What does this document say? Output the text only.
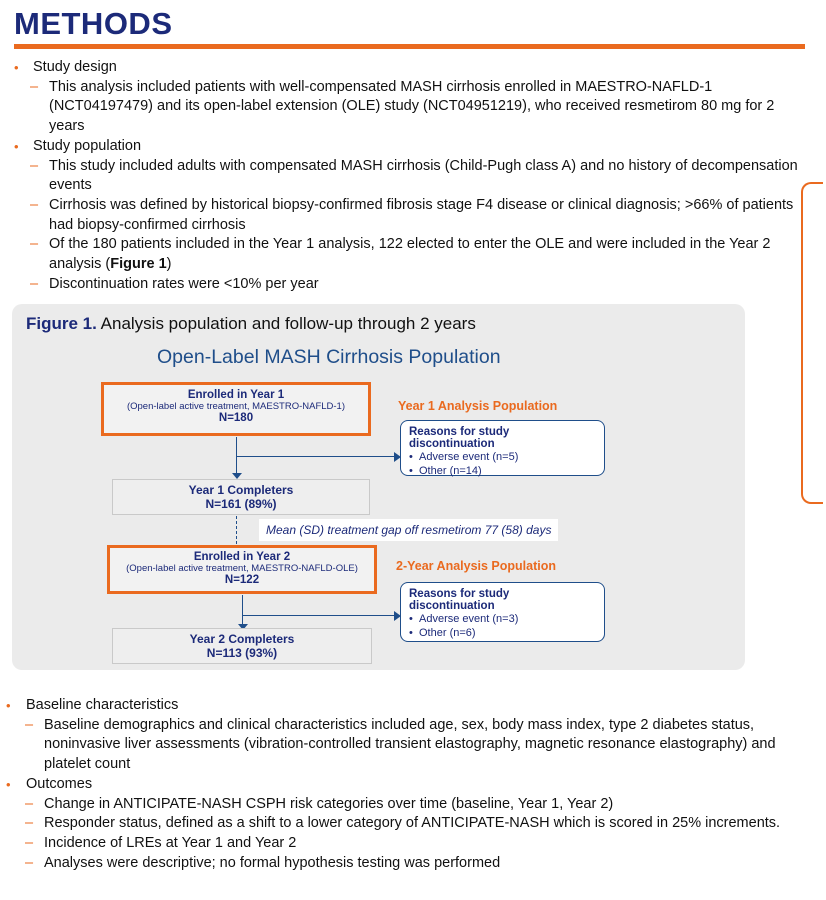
METHODS
• Study design
– This analysis included patients with well-compensated MASH cirrhosis enrolled in MAESTRO-NAFLD-1 (NCT04197479) and its open-label extension (OLE) study (NCT04951219), who received resmetirom 80 mg for 2 years
• Study population
– This study included adults with compensated MASH cirrhosis (Child-Pugh class A) and no history of decompensation events
– Cirrhosis was defined by historical biopsy-confirmed fibrosis stage F4 disease or clinical diagnosis; >66% of patients had biopsy-confirmed cirrhosis
– Of the 180 patients included in the Year 1 analysis, 122 elected to enter the OLE and were included in the Year 2 analysis (Figure 1)
– Discontinuation rates were <10% per year
Figure 1. Analysis population and follow-up through 2 years
Open-Label MASH Cirrhosis Population
Enrolled in Year 1
(Open-label active treatment, MAESTRO-NAFLD-1)
N=180
Year 1 Analysis Population
Reasons for study discontinuation
• Adverse event (n=5)
• Other (n=14)
Year 1 Completers
N=161 (89%)
Mean (SD) treatment gap off resmetirom 77 (58) days
Enrolled in Year 2
(Open-label active treatment, MAESTRO-NAFLD-OLE)
N=122
2-Year Analysis Population
Reasons for study discontinuation
• Adverse event (n=3)
• Other (n=6)
Year 2 Completers
N=113 (93%)
• Baseline characteristics
– Baseline demographics and clinical characteristics included age, sex, body mass index, type 2 diabetes status, noninvasive liver assessments (vibration-controlled transient elastography, magnetic resonance elastography) and platelet count
• Outcomes
– Change in ANTICIPATE-NASH CSPH risk categories over time (baseline, Year 1, Year 2)
– Responder status, defined as a shift to a lower category of ANTICIPATE-NASH which is scored in 25% increments.
– Incidence of LREs at Year 1 and Year 2
– Analyses were descriptive; no formal hypothesis testing was performed
